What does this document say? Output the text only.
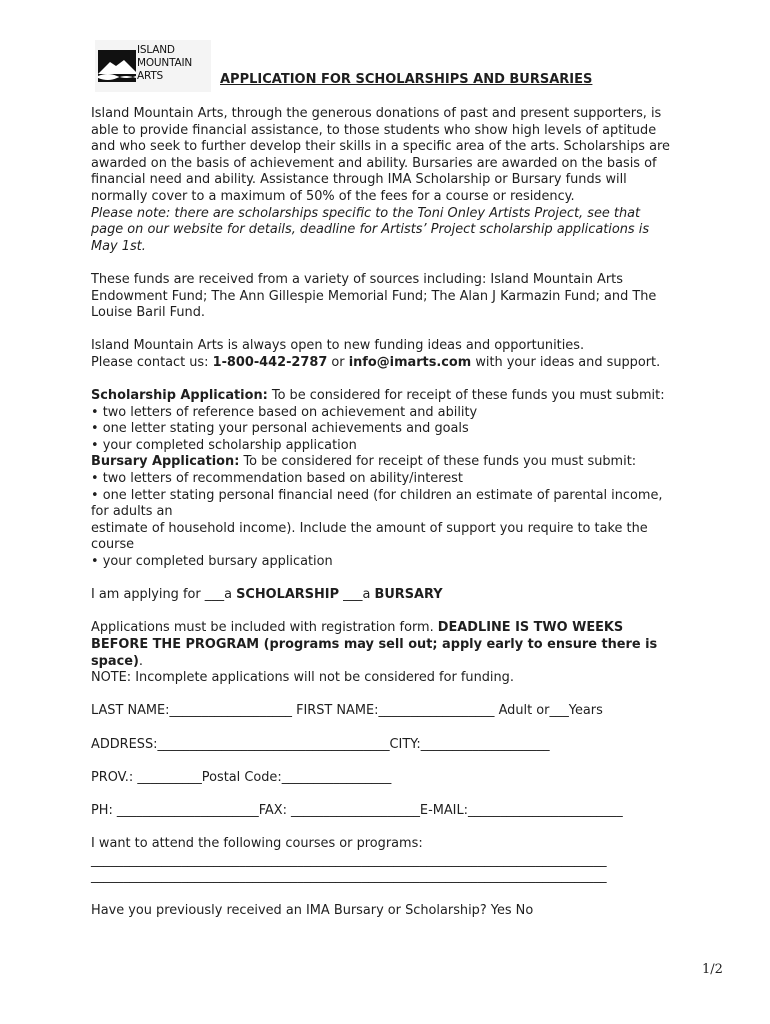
ISLAND
MOUNTAIN
ARTS	APPLICATION FOR SCHOLARSHIPS AND BURSARIES

Island Mountain Arts, through the generous donations of past and present supporters, is

able to provide financial assistance, to those students who show high levels of aptitude

and who seek to further develop their skills in a specific area of the arts. Scholarships are

awarded on the basis of achievement and ability. Bursaries are awarded on the basis of

financial need and ability. Assistance through IMA Scholarship or Bursary funds will

normally cover to a maximum of 50% of the fees for a course or residency.

Please note: there are scholarships specific to the Toni Onley Artists Project, see that

page on our website for details, deadline for Artists’ Project scholarship applications is

May 1st.

These funds are received from a variety of sources including: Island Mountain Arts

Endowment Fund; The Ann Gillespie Memorial Fund; The Alan J Karmazin Fund; and The

Louise Baril Fund.

Island Mountain Arts is always open to new funding ideas and opportunities.

Please contact us: 1-800-442-2787 or info@imarts.com with your ideas and support.

Scholarship Application: To be considered for receipt of these funds you must submit:

• two letters of reference based on achievement and ability

• one letter stating your personal achievements and goals

• your completed scholarship application

Bursary Application: To be considered for receipt of these funds you must submit:

• two letters of recommendation based on ability/interest

• one letter stating personal financial need (for children an estimate of parental income,

for adults an

estimate of household income). Include the amount of support you require to take the

course

• your completed bursary application

I am applying for ___a SCHOLARSHIP ___a BURSARY

Applications must be included with registration form. DEADLINE IS TWO WEEKS

BEFORE THE PROGRAM (programs may sell out; apply early to ensure there is

space).

NOTE: Incomplete applications will not be considered for funding.

LAST NAME:___________________ FIRST NAME:__________________ Adult or___Years

ADDRESS:____________________________________CITY:____________________

PROV.: __________Postal Code:_________________

PH: ______________________FAX: ____________________E-MAIL:________________________

I want to attend the following courses or programs:

________________________________________________________________________________

________________________________________________________________________________

Have you previously received an IMA Bursary or Scholarship? Yes No

1/2
